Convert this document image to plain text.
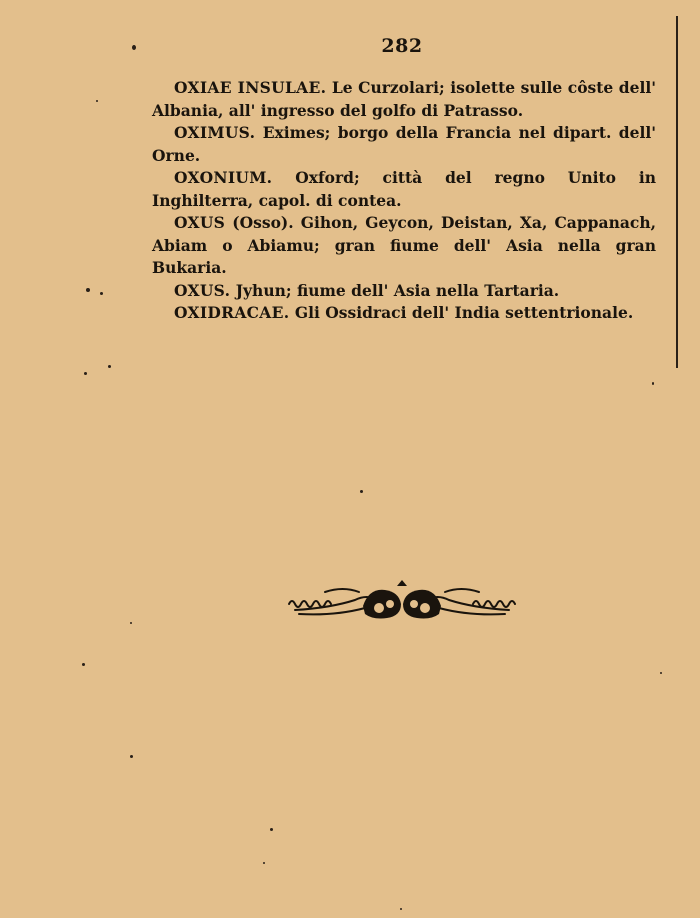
282

OXIAE INSULAE. Le Curzolari; isolette sulle côste dell' Albania, all' ingresso del golfo di Patrasso.

OXIMUS. Eximes; borgo della Francia nel dipart. dell' Orne.

OXONIUM. Oxford; città del regno Unito in Inghilterra, capol. di contea.

OXUS (Osso). Gihon, Geycon, Deistan, Xa, Cappanach, Abiam o Abiamu; gran fiume dell' Asia nella gran Bukaria.

OXUS. Jyhun; fiume dell' Asia nella Tartaria.

OXIDRACAE. Gli Ossidraci dell' India settentrionale.
